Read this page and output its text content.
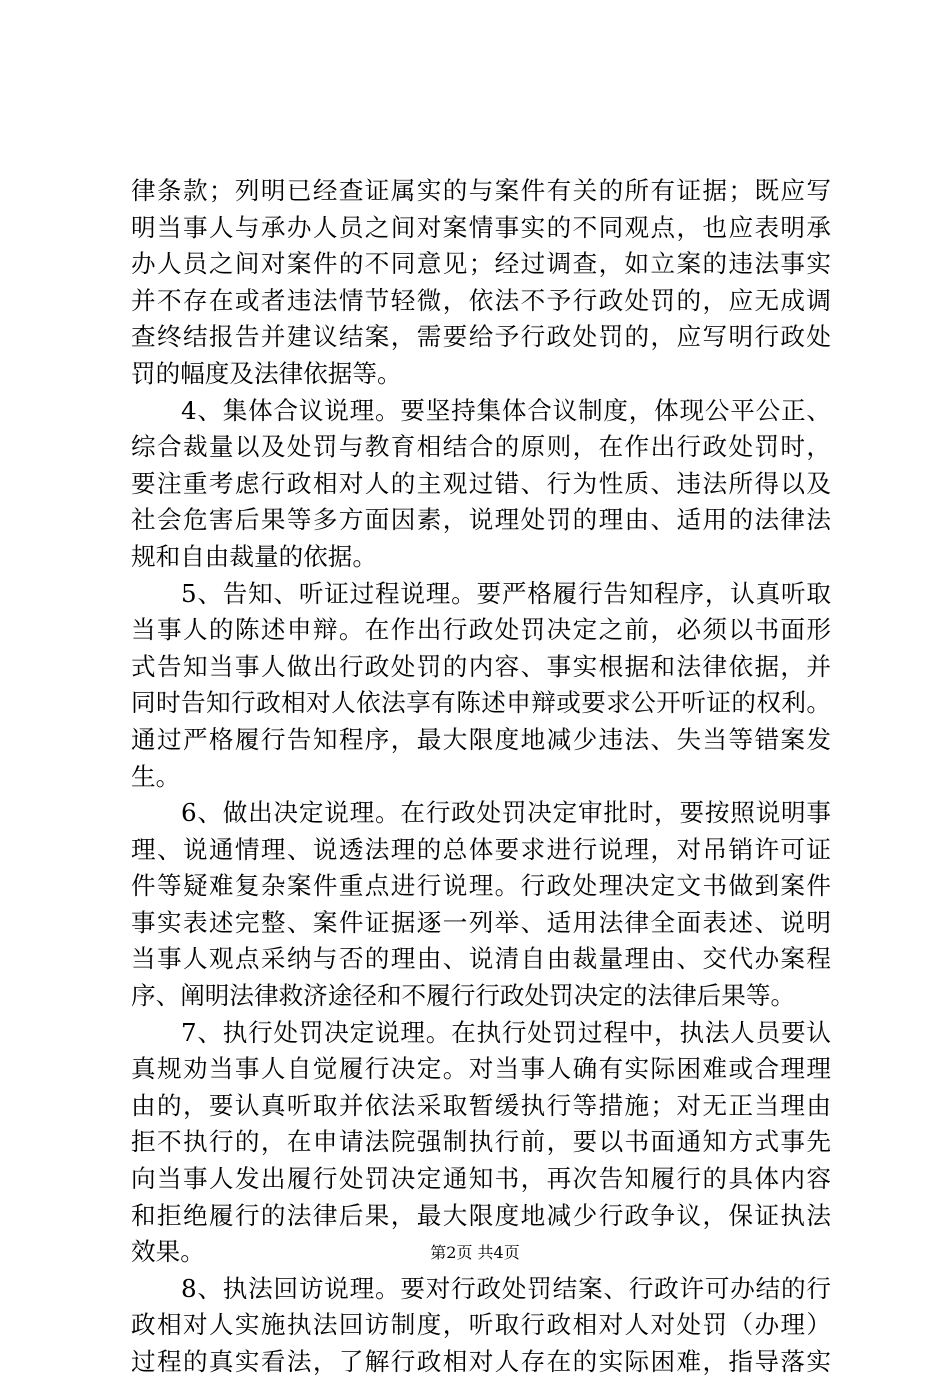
律条款；列明已经查证属实的与案件有关的所有证据；既应写
明当事人与承办人员之间对案情事实的不同观点，也应表明承
办人员之间对案件的不同意见；经过调查，如立案的违法事实
并不存在或者违法情节轻微，依法不予行政处罚的，应无成调
查终结报告并建议结案，需要给予行政处罚的，应写明行政处
罚的幅度及法律依据等。
4、集体合议说理。要坚持集体合议制度，体现公平公正、
综合裁量以及处罚与教育相结合的原则，在作出行政处罚时，
要注重考虑行政相对人的主观过错、行为性质、违法所得以及
社会危害后果等多方面因素，说理处罚的理由、适用的法律法
规和自由裁量的依据。
5、告知、听证过程说理。要严格履行告知程序，认真听取
当事人的陈述申辩。在作出行政处罚决定之前，必须以书面形
式告知当事人做出行政处罚的内容、事实根据和法律依据，并
同时告知行政相对人依法享有陈述申辩或要求公开听证的权利。
通过严格履行告知程序，最大限度地减少违法、失当等错案发
生。
6、做出决定说理。在行政处罚决定审批时，要按照说明事
理、说通情理、说透法理的总体要求进行说理，对吊销许可证
件等疑难复杂案件重点进行说理。行政处理决定文书做到案件
事实表述完整、案件证据逐一列举、适用法律全面表述、说明
当事人观点采纳与否的理由、说清自由裁量理由、交代办案程
序、阐明法律救济途径和不履行行政处罚决定的法律后果等。
7、执行处罚决定说理。在执行处罚过程中，执法人员要认
真规劝当事人自觉履行决定。对当事人确有实际困难或合理理
由的，要认真听取并依法采取暂缓执行等措施；对无正当理由
拒不执行的，在申请法院强制执行前，要以书面通知方式事先
向当事人发出履行处罚决定通知书，再次告知履行的具体内容
和拒绝履行的法律后果，最大限度地减少行政争议，保证执法
效果。
8、执法回访说理。要对行政处罚结案、行政许可办结的行
政相对人实施执法回访制度，听取行政相对人对处罚（办理）
过程的真实看法，了解行政相对人存在的实际困难，指导落实
第2页 共4页
